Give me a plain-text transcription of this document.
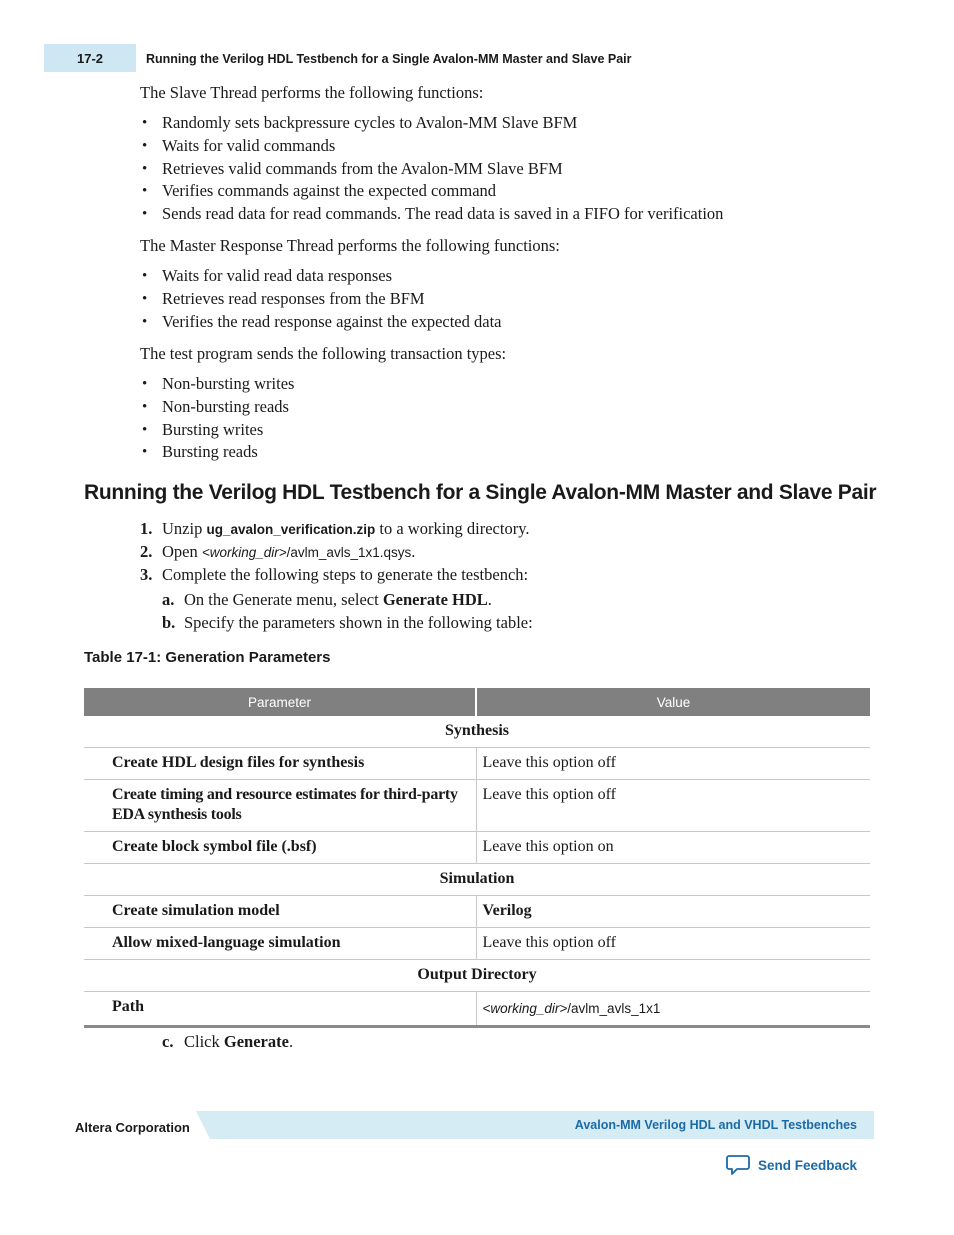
17-2	Running the Verilog HDL Testbench for a Single Avalon-MM Master and Slave Pair

The Slave Thread performs the following functions:

• Randomly sets backpressure cycles to Avalon-MM Slave BFM
• Waits for valid commands
• Retrieves valid commands from the Avalon-MM Slave BFM
• Verifies commands against the expected command
• Sends read data for read commands. The read data is saved in a FIFO for verification

The Master Response Thread performs the following functions:

• Waits for valid read data responses
• Retrieves read responses from the BFM
• Verifies the read response against the expected data

The test program sends the following transaction types:

• Non-bursting writes
• Non-bursting reads
• Bursting writes
• Bursting reads
Running the Verilog HDL Testbench for a Single Avalon-MM Master and Slave Pair
1. Unzip ug_avalon_verification.zip to a working directory.
2. Open <working_dir>/avlm_avls_1x1.qsys.
3. Complete the following steps to generate the testbench:
a. On the Generate menu, select Generate HDL.
b. Specify the parameters shown in the following table:
Table 17-1: Generation Parameters
Parameter	Value
Synthesis	
Create HDL design files for synthesis	Leave this option off
Create timing and resource estimates for third-party EDA synthesis tools	Leave this option off
Create block symbol file (.bsf)	Leave this option on
Simulation	
Create simulation model	Verilog
Allow mixed-language simulation	Leave this option off
Output Directory	
Path	<working_dir>/avlm_avls_1x1
c. Click Generate.
Altera Corporation	Avalon-MM Verilog HDL and VHDL Testbenches
Send Feedback
